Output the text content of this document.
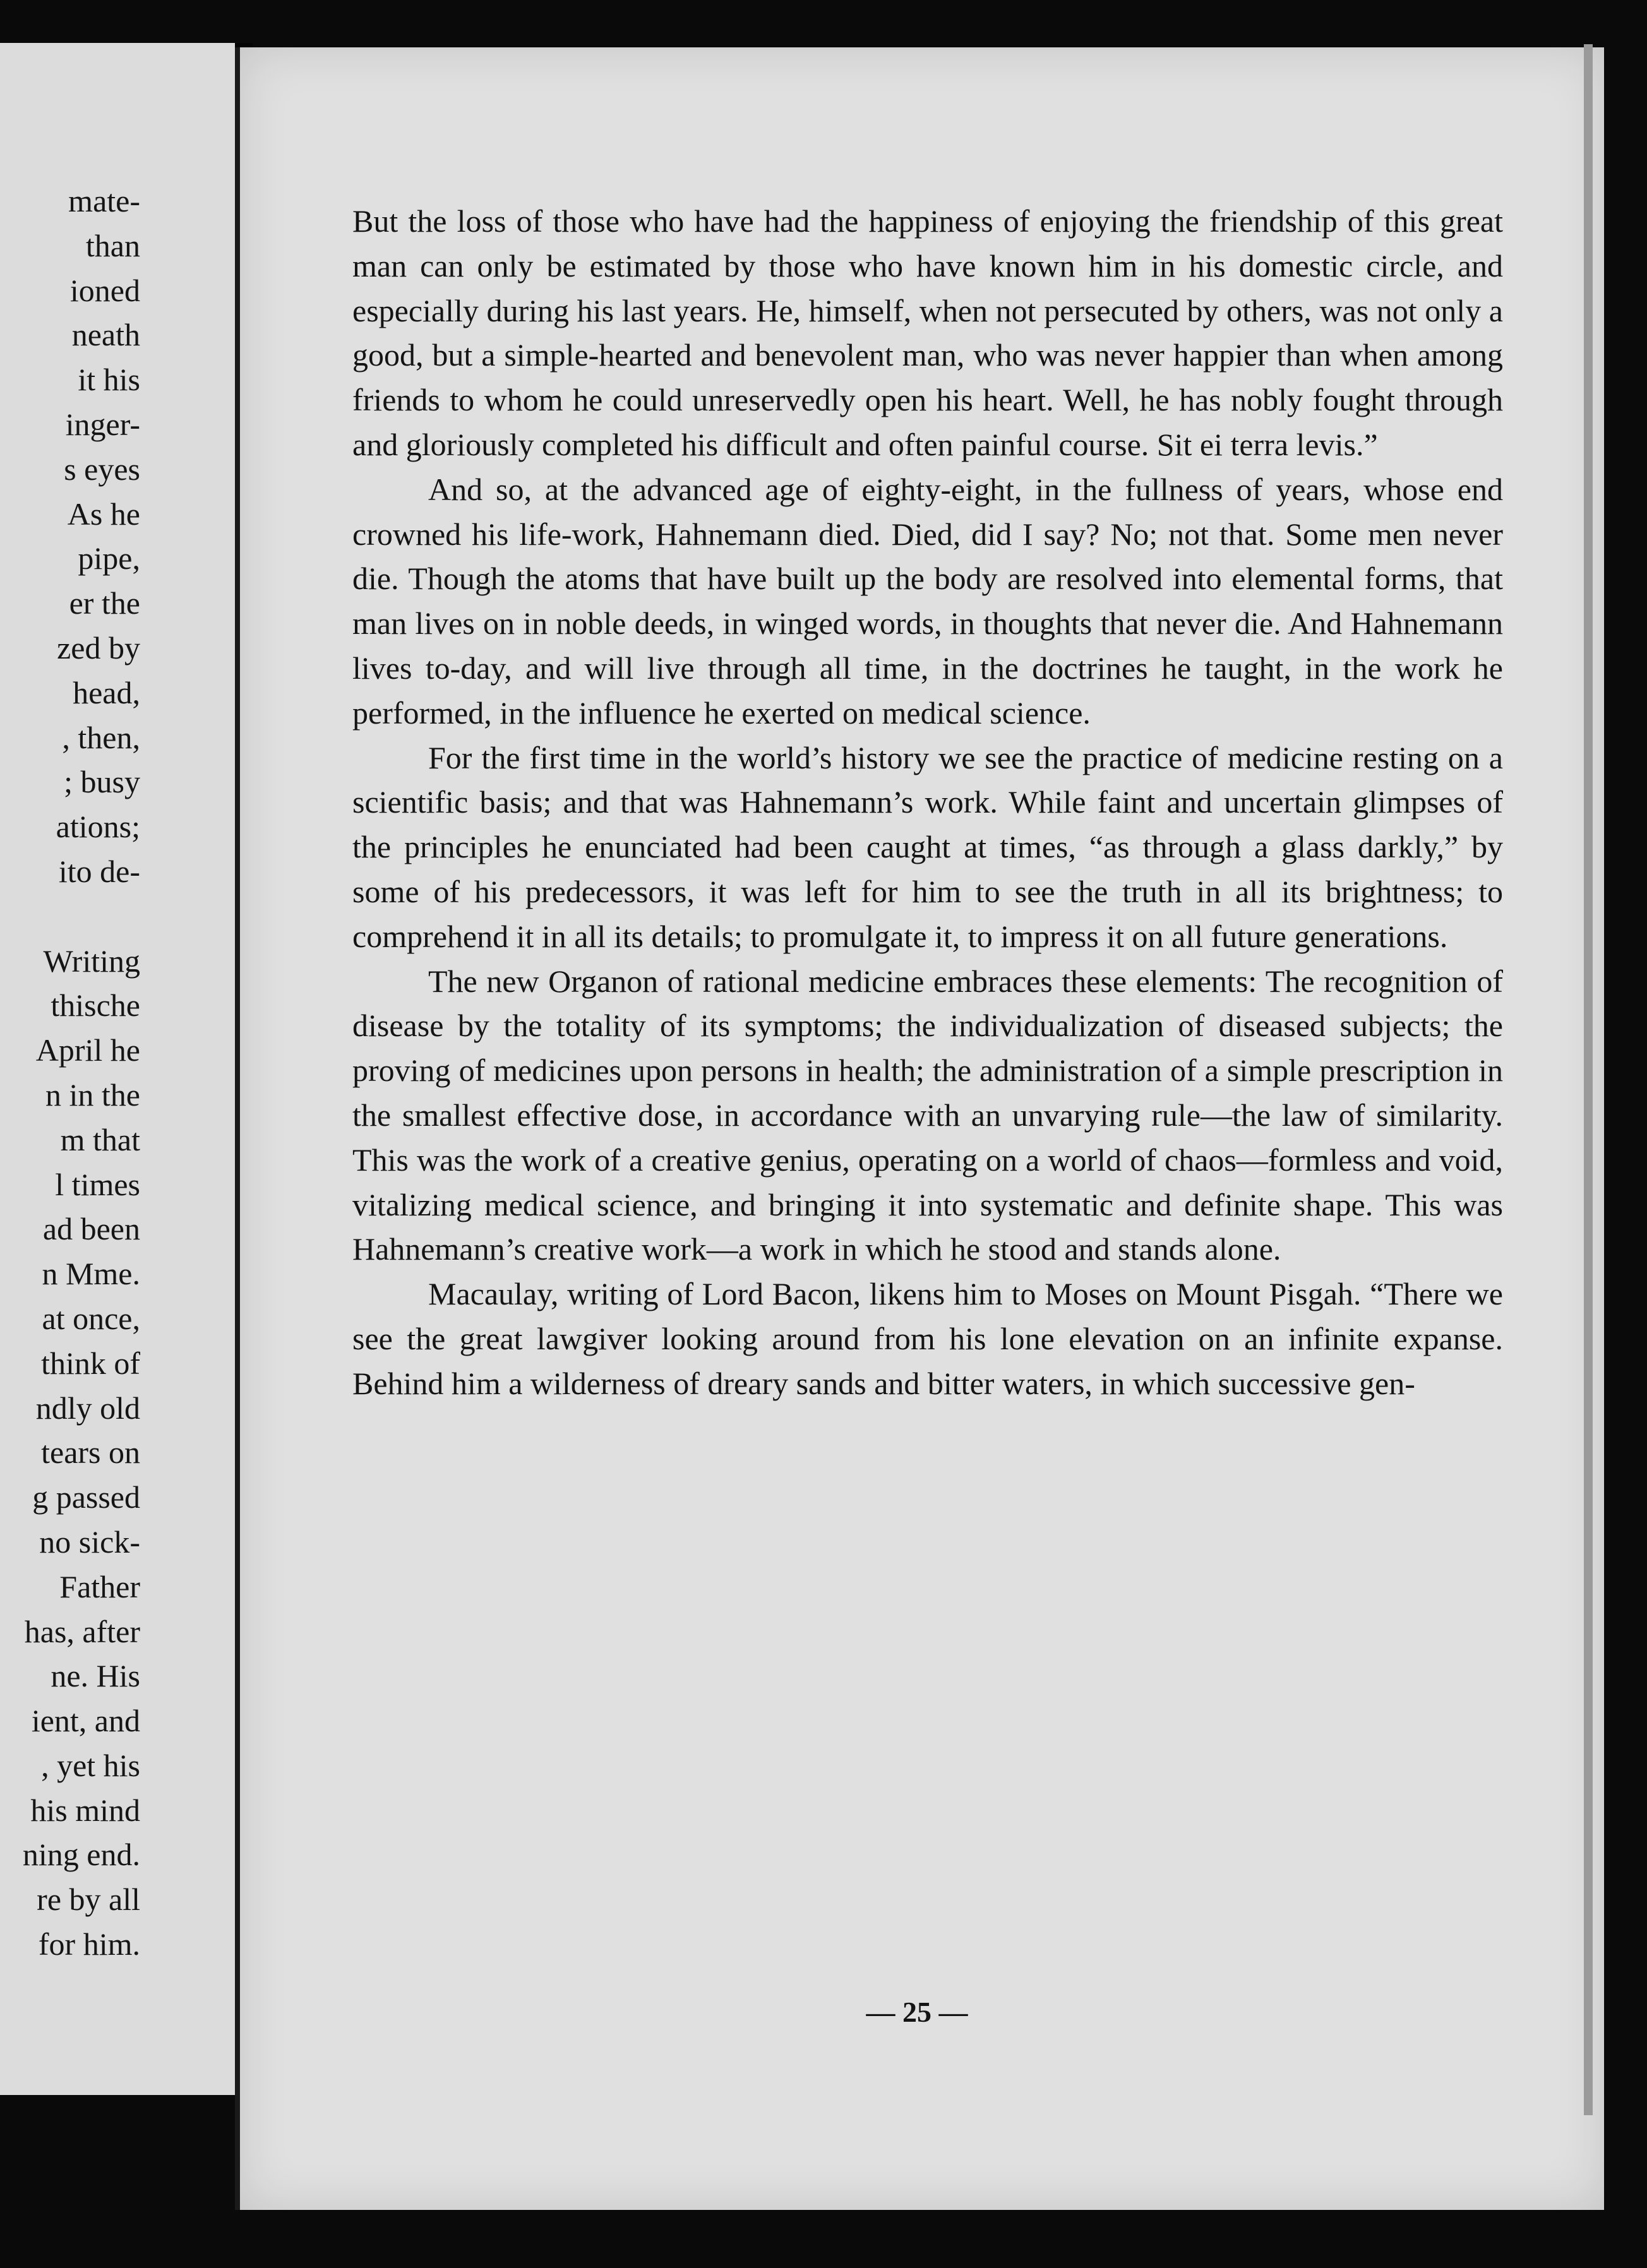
mate-
than
ioned
neath
it his
inger-
s eyes
As he
pipe,
er the
zed by
head,
, then,
; busy
ations;
ito de-
Writing
thische
April he
n in the
m that
l times
ad been
n Mme.
at once,
think of
ndly old
tears on
g passed
no sick-
Father
has, after
ne. His
ient, and
, yet his
his mind
ning end.
re by all
for him.

But the loss of those who have had the happiness of enjoying the friendship of this great man can only be estimated by those who have known him in his domestic circle, and especially during his last years. He, himself, when not persecuted by others, was not only a good, but a simple-hearted and benevolent man, who was never happier than when among friends to whom he could unreservedly open his heart. Well, he has nobly fought through and gloriously completed his difficult and often painful course. Sit ei terra levis.”

And so, at the advanced age of eighty-eight, in the fullness of years, whose end crowned his life-work, Hahnemann died. Died, did I say? No; not that. Some men never die. Though the atoms that have built up the body are resolved into elemental forms, that man lives on in noble deeds, in winged words, in thoughts that never die. And Hahnemann lives to-day, and will live through all time, in the doctrines he taught, in the work he performed, in the influence he exerted on medical science.

For the first time in the world’s history we see the practice of medicine resting on a scientific basis; and that was Hahnemann’s work. While faint and uncertain glimpses of the principles he enunciated had been caught at times, “as through a glass darkly,” by some of his predecessors, it was left for him to see the truth in all its brightness; to comprehend it in all its details; to promulgate it, to impress it on all future generations.

The new Organon of rational medicine embraces these elements: The recognition of disease by the totality of its symptoms; the individualization of diseased subjects; the proving of medicines upon persons in health; the administration of a simple prescription in the smallest effective dose, in accordance with an unvarying rule—the law of similarity. This was the work of a creative genius, operating on a world of chaos—formless and void, vitalizing medical science, and bringing it into systematic and definite shape. This was Hahnemann’s creative work—a work in which he stood and stands alone.

Macaulay, writing of Lord Bacon, likens him to Moses on Mount Pisgah. “There we see the great lawgiver looking around from his lone elevation on an infinite expanse. Behind him a wilderness of dreary sands and bitter waters, in which successive gen-

— 25 —
